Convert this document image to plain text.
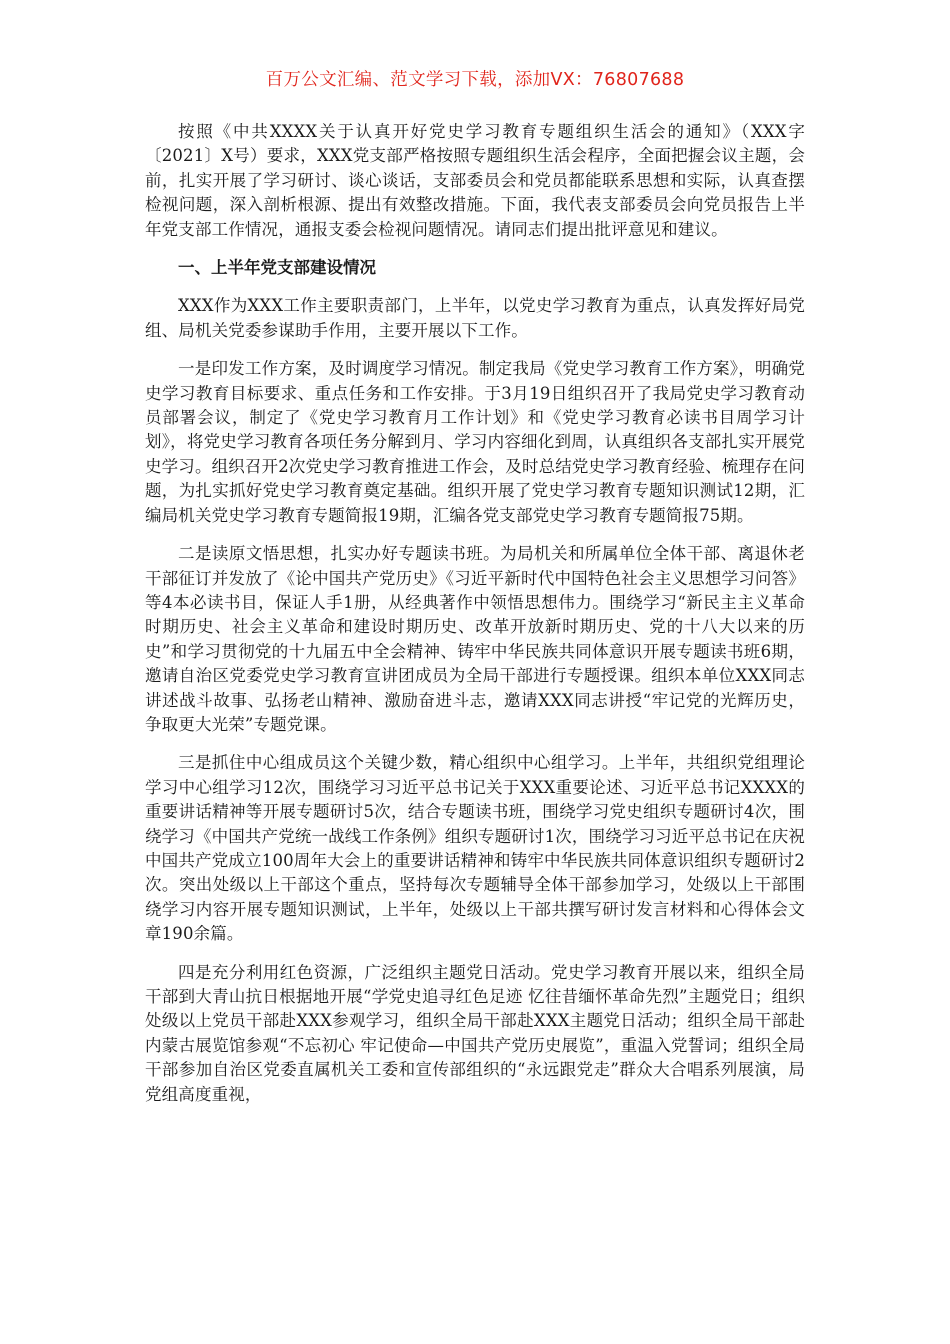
百万公文汇编、范文学习下载，添加VX：76807688

按照《中共XXXX关于认真开好党史学习教育专题组织生活会的通知》（XXX字〔2021〕X号）要求，XXX党支部严格按照专题组织生活会程序，全面把握会议主题，会前，扎实开展了学习研讨、谈心谈话，支部委员会和党员都能联系思想和实际，认真查摆检视问题，深入剖析根源、提出有效整改措施。下面，我代表支部委员会向党员报告上半年党支部工作情况，通报支委会检视问题情况。请同志们提出批评意见和建议。

一、上半年党支部建设情况

XXX作为XXX工作主要职责部门，上半年，以党史学习教育为重点，认真发挥好局党组、局机关党委参谋助手作用，主要开展以下工作。

一是印发工作方案，及时调度学习情况。制定我局《党史学习教育工作方案》，明确党史学习教育目标要求、重点任务和工作安排。于3月19日组织召开了我局党史学习教育动员部署会议，制定了《党史学习教育月工作计划》和《党史学习教育必读书目周学习计划》，将党史学习教育各项任务分解到月、学习内容细化到周，认真组织各支部扎实开展党史学习。组织召开2次党史学习教育推进工作会，及时总结党史学习教育经验、梳理存在问题，为扎实抓好党史学习教育奠定基础。组织开展了党史学习教育专题知识测试12期，汇编局机关党史学习教育专题简报19期，汇编各党支部党史学习教育专题简报75期。

二是读原文悟思想，扎实办好专题读书班。为局机关和所属单位全体干部、离退休老干部征订并发放了《论中国共产党历史》《习近平新时代中国特色社会主义思想学习问答》等4本必读书目，保证人手1册，从经典著作中领悟思想伟力。围绕学习“新民主主义革命时期历史、社会主义革命和建设时期历史、改革开放新时期历史、党的十八大以来的历史”和学习贯彻党的十九届五中全会精神、铸牢中华民族共同体意识开展专题读书班6期，邀请自治区党委党史学习教育宣讲团成员为全局干部进行专题授课。组织本单位XXX同志讲述战斗故事、弘扬老山精神、激励奋进斗志，邀请XXX同志讲授“牢记党的光辉历史，争取更大光荣”专题党课。

三是抓住中心组成员这个关键少数，精心组织中心组学习。上半年，共组织党组理论学习中心组学习12次，围绕学习习近平总书记关于XXX重要论述、习近平总书记XXXX的重要讲话精神等开展专题研讨5次，结合专题读书班，围绕学习党史组织专题研讨4次，围绕学习《中国共产党统一战线工作条例》组织专题研讨1次，围绕学习习近平总书记在庆祝中国共产党成立100周年大会上的重要讲话精神和铸牢中华民族共同体意识组织专题研讨2次。突出处级以上干部这个重点，坚持每次专题辅导全体干部参加学习，处级以上干部围绕学习内容开展专题知识测试，上半年，处级以上干部共撰写研讨发言材料和心得体会文章190余篇。

四是充分利用红色资源，广泛组织主题党日活动。党史学习教育开展以来，组织全局干部到大青山抗日根据地开展“学党史追寻红色足迹 忆往昔缅怀革命先烈”主题党日；组织处级以上党员干部赴XXX参观学习，组织全局干部赴XXX主题党日活动；组织全局干部赴内蒙古展览馆参观“不忘初心 牢记使命—中国共产党历史展览”，重温入党誓词；组织全局干部参加自治区党委直属机关工委和宣传部组织的“永远跟党走”群众大合唱系列展演，局党组高度重视，
